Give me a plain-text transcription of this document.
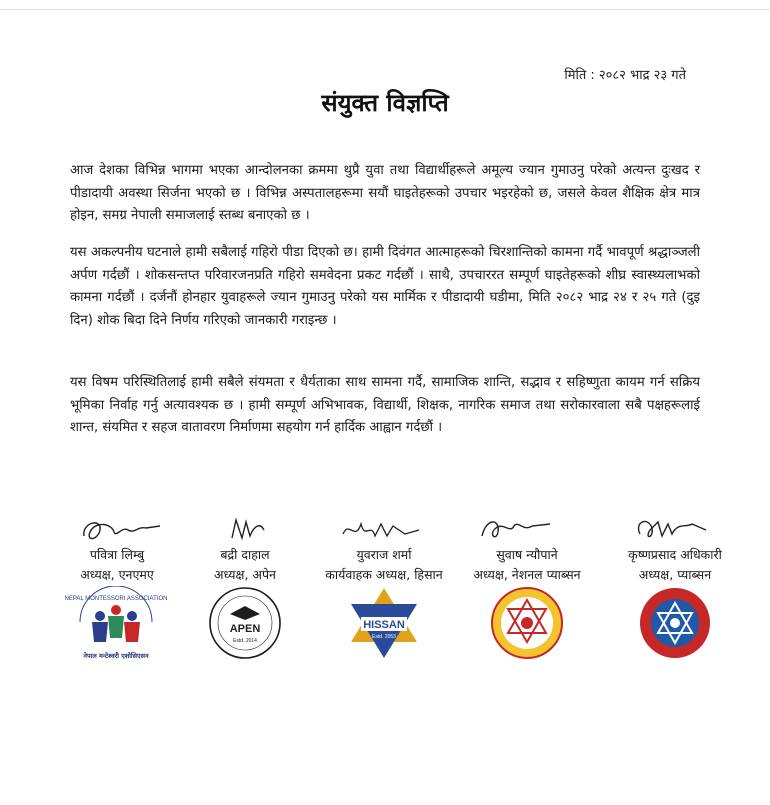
मिति : २०८२ भाद्र २३ गते
संयुक्त विज्ञप्ति

आज देशका विभिन्न भागमा भएका आन्दोलनका क्रममा थुप्रै युवा तथा विद्यार्थीहरूले अमूल्य ज्यान गुमाउनु परेको अत्यन्त दुःखद र पीडादायी अवस्था सिर्जना भएको छ । विभिन्न अस्पतालहरूमा सयौं घाइतेहरूको उपचार भइरहेको छ, जसले केवल शैक्षिक क्षेत्र मात्र होइन, समग्र नेपाली समाजलाई स्तब्ध बनाएको छ ।

यस अकल्पनीय घटनाले हामी सबैलाई गहिरो पीडा दिएको छ। हामी दिवंगत आत्माहरूको चिरशान्तिको कामना गर्दै भावपूर्ण श्रद्धाञ्जली अर्पण गर्दछौं । शोकसन्तप्त परिवारजनप्रति गहिरो समवेदना प्रकट गर्दछौं । साथै, उपचाररत सम्पूर्ण घाइतेहरूको शीघ्र स्वास्थ्यलाभको कामना गर्दछौं । दर्जनौं होनहार युवाहरूले ज्यान गुमाउनु परेको यस मार्मिक र पीडादायी घडीमा, मिति २०८२ भाद्र २४ र २५ गते (दुइ दिन) शोक बिदा दिने निर्णय गरिएको जानकारी गराइन्छ ।

यस विषम परिस्थितिलाई हामी सबैले संयमता र धैर्यताका साथ सामना गर्दै, सामाजिक शान्ति, सद्भाव र सहिष्णुता कायम गर्न सक्रिय भूमिका निर्वाह गर्नु अत्यावश्यक छ । हामी सम्पूर्ण अभिभावक, विद्यार्थी, शिक्षक, नागरिक समाज तथा सरोकारवाला सबै पक्षहरूलाई शान्त, संयमित र सहज वातावरण निर्माणमा सहयोग गर्न हार्दिक आह्वान गर्दछौं ।

पवित्रा लिम्बु
अध्यक्ष, एनएमए
NEPAL MONTESSORI ASSOCIATION
नेपाल मन्टेश्वरी एशोसिएसन
बद्री दाहाल
अध्यक्ष, अपेन
APEN
Estd. 2014
युवराज शर्मा
कार्यवाहक अध्यक्ष, हिसान
HISSAN
Estd. 2053
सुवाष न्यौपाने
अध्यक्ष, नेशनल प्याब्सन
कृष्णप्रसाद अधिकारी
अध्यक्ष, प्याब्सन
